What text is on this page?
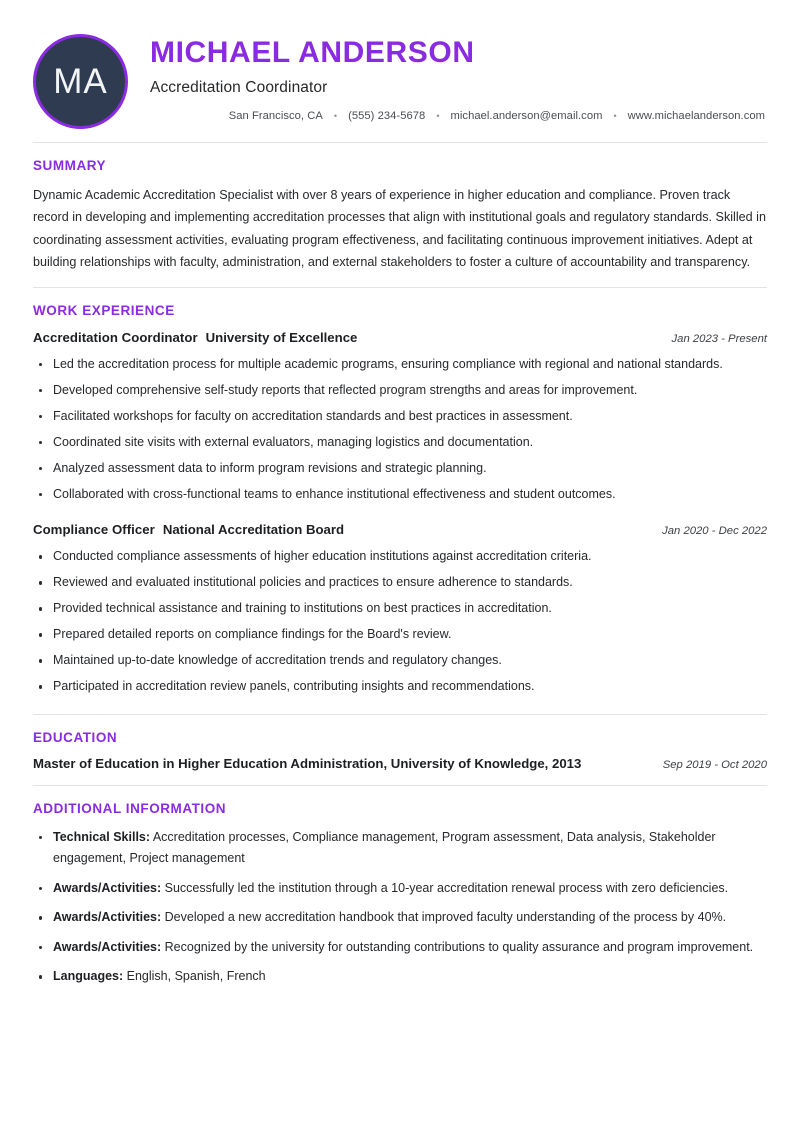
MA
MICHAEL ANDERSON
Accreditation Coordinator
San Francisco, CA • (555) 234-5678 • michael.anderson@email.com • www.michaelanderson.com
SUMMARY
Dynamic Academic Accreditation Specialist with over 8 years of experience in higher education and compliance. Proven track record in developing and implementing accreditation processes that align with institutional goals and regulatory standards. Skilled in coordinating assessment activities, evaluating program effectiveness, and facilitating continuous improvement initiatives. Adept at building relationships with faculty, administration, and external stakeholders to foster a culture of accountability and transparency.
WORK EXPERIENCE
Accreditation Coordinator University of Excellence	Jan 2023 - Present
Led the accreditation process for multiple academic programs, ensuring compliance with regional and national standards.
Developed comprehensive self-study reports that reflected program strengths and areas for improvement.
Facilitated workshops for faculty on accreditation standards and best practices in assessment.
Coordinated site visits with external evaluators, managing logistics and documentation.
Analyzed assessment data to inform program revisions and strategic planning.
Collaborated with cross-functional teams to enhance institutional effectiveness and student outcomes.
Compliance Officer National Accreditation Board	Jan 2020 - Dec 2022
Conducted compliance assessments of higher education institutions against accreditation criteria.
Reviewed and evaluated institutional policies and practices to ensure adherence to standards.
Provided technical assistance and training to institutions on best practices in accreditation.
Prepared detailed reports on compliance findings for the Board's review.
Maintained up-to-date knowledge of accreditation trends and regulatory changes.
Participated in accreditation review panels, contributing insights and recommendations.
EDUCATION
Master of Education in Higher Education Administration, University of Knowledge, 2013	Sep 2019 - Oct 2020
ADDITIONAL INFORMATION
Technical Skills: Accreditation processes, Compliance management, Program assessment, Data analysis, Stakeholder engagement, Project management
Awards/Activities: Successfully led the institution through a 10-year accreditation renewal process with zero deficiencies.
Awards/Activities: Developed a new accreditation handbook that improved faculty understanding of the process by 40%.
Awards/Activities: Recognized by the university for outstanding contributions to quality assurance and program improvement.
Languages: English, Spanish, French
